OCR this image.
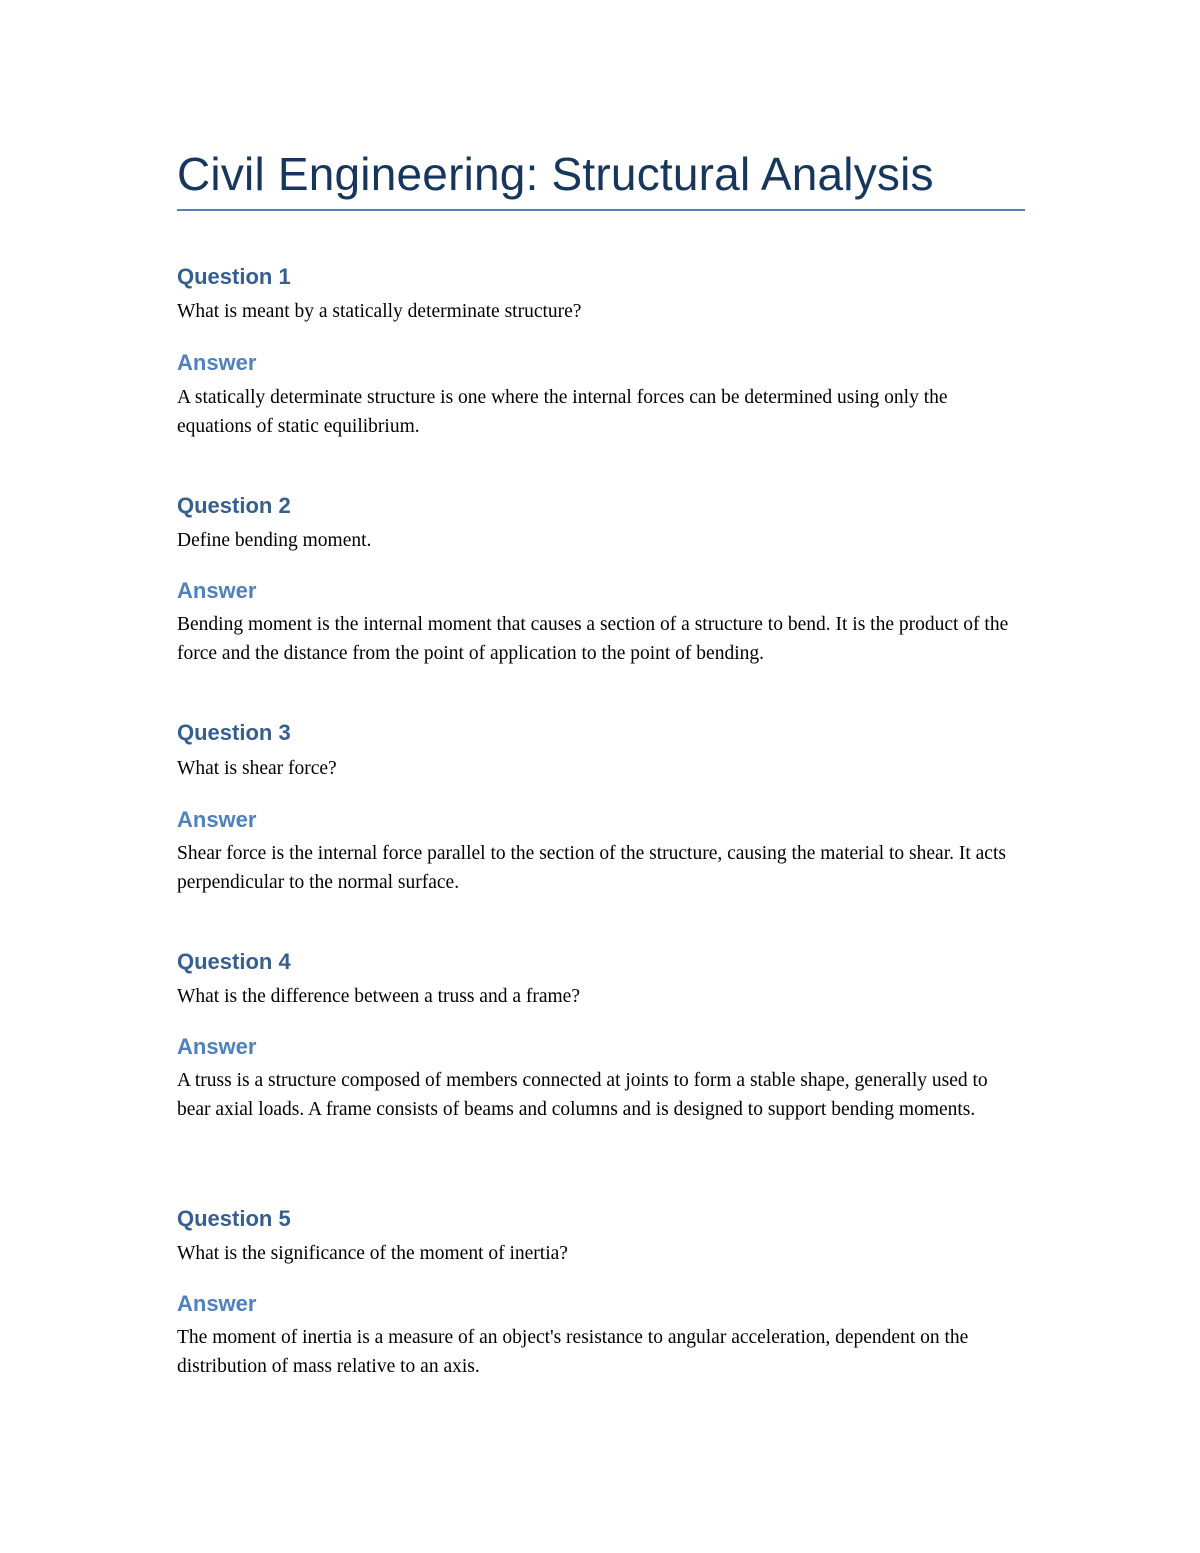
Civil Engineering: Structural Analysis
Question 1

What is meant by a statically determinate structure?

Answer

A statically determinate structure is one where the internal forces can be determined using only the equations of static equilibrium.

Question 2

Define bending moment.

Answer

Bending moment is the internal moment that causes a section of a structure to bend. It is the product of the force and the distance from the point of application to the point of bending.

Question 3

What is shear force?

Answer

Shear force is the internal force parallel to the section of the structure, causing the material to shear. It acts perpendicular to the normal surface.

Question 4

What is the difference between a truss and a frame?

Answer

A truss is a structure composed of members connected at joints to form a stable shape, generally used to bear axial loads. A frame consists of beams and columns and is designed to support bending moments.

Question 5

What is the significance of the moment of inertia?

Answer

The moment of inertia is a measure of an object's resistance to angular acceleration, dependent on the distribution of mass relative to an axis.
